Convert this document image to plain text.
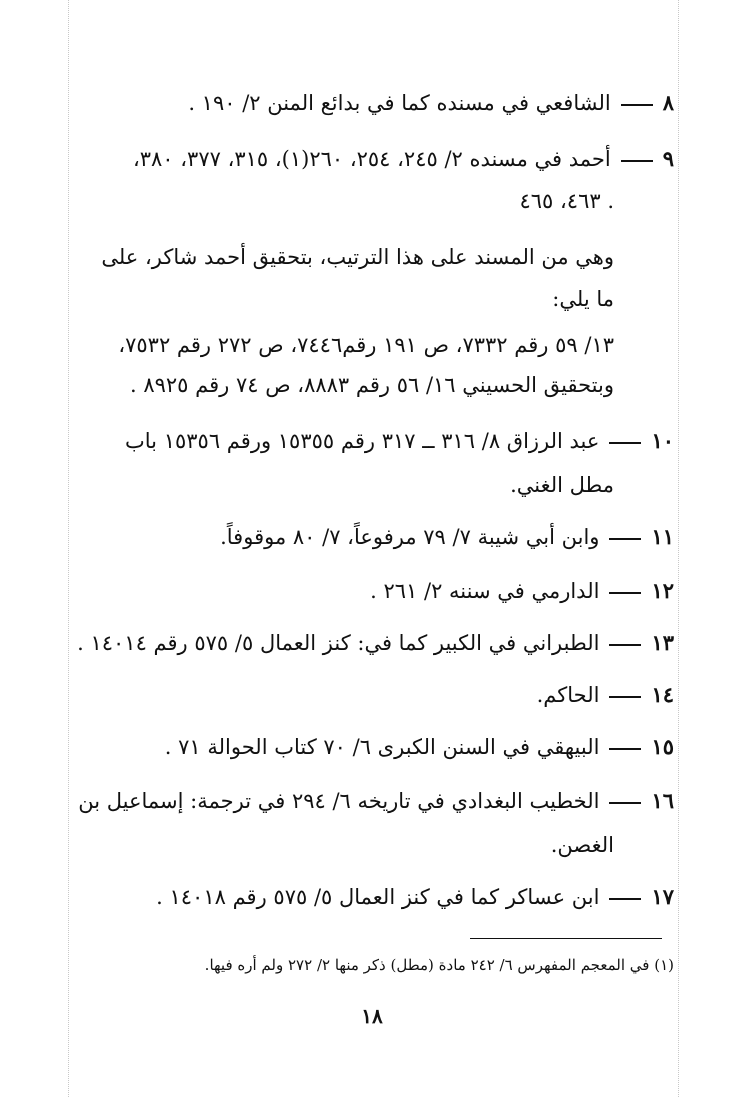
٨الشافعي في مسنده كما في بدائع المنن ٢/ ١٩٠ .
٩أحمد في مسنده ٢/ ٢٤٥، ٢٥٤، ٢٦٠(١)، ٣١٥، ٣٧٧، ٣٨٠،
٤٦٣، ٤٦٥ .
وهي من المسند على هذا الترتيب، بتحقيق أحمد شاكر، على
ما يلي:
١٣/ ٥٩ رقم ٧٣٣٢، ص ١٩١ رقم٧٤٤٦، ص ٢٧٢ رقم ٧٥٣٢،
وبتحقيق الحسيني ١٦/ ٥٦ رقم ٨٨٨٣، ص ٧٤ رقم ٨٩٢٥ .
١٠عبد الرزاق ٨/ ٣١٦ ــ ٣١٧ رقم ١٥٣٥٥ ورقم ١٥٣٥٦ باب
مطل الغني.
١١وابن أبي شيبة ٧/ ٧٩ مرفوعاً، ٧/ ٨٠ موقوفاً.
١٢الدارمي في سننه ٢/ ٢٦١ .
١٣الطبراني في الكبير كما في: كنز العمال ٥/ ٥٧٥ رقم ١٤٠١٤ .
١٤الحاكم.
١٥البيهقي في السنن الكبرى ٦/ ٧٠ كتاب الحوالة ٧١ .
١٦الخطيب البغدادي في تاريخه ٦/ ٢٩٤ في ترجمة: إسماعيل بن
الغصن.
١٧ابن عساكر كما في كنز العمال ٥/ ٥٧٥ رقم ١٤٠١٨ .
(١) في المعجم المفهرس ٦/ ٢٤٢ مادة (مطل) ذكر منها ٢/ ٢٧٢ ولم أره فيها.
١٨
